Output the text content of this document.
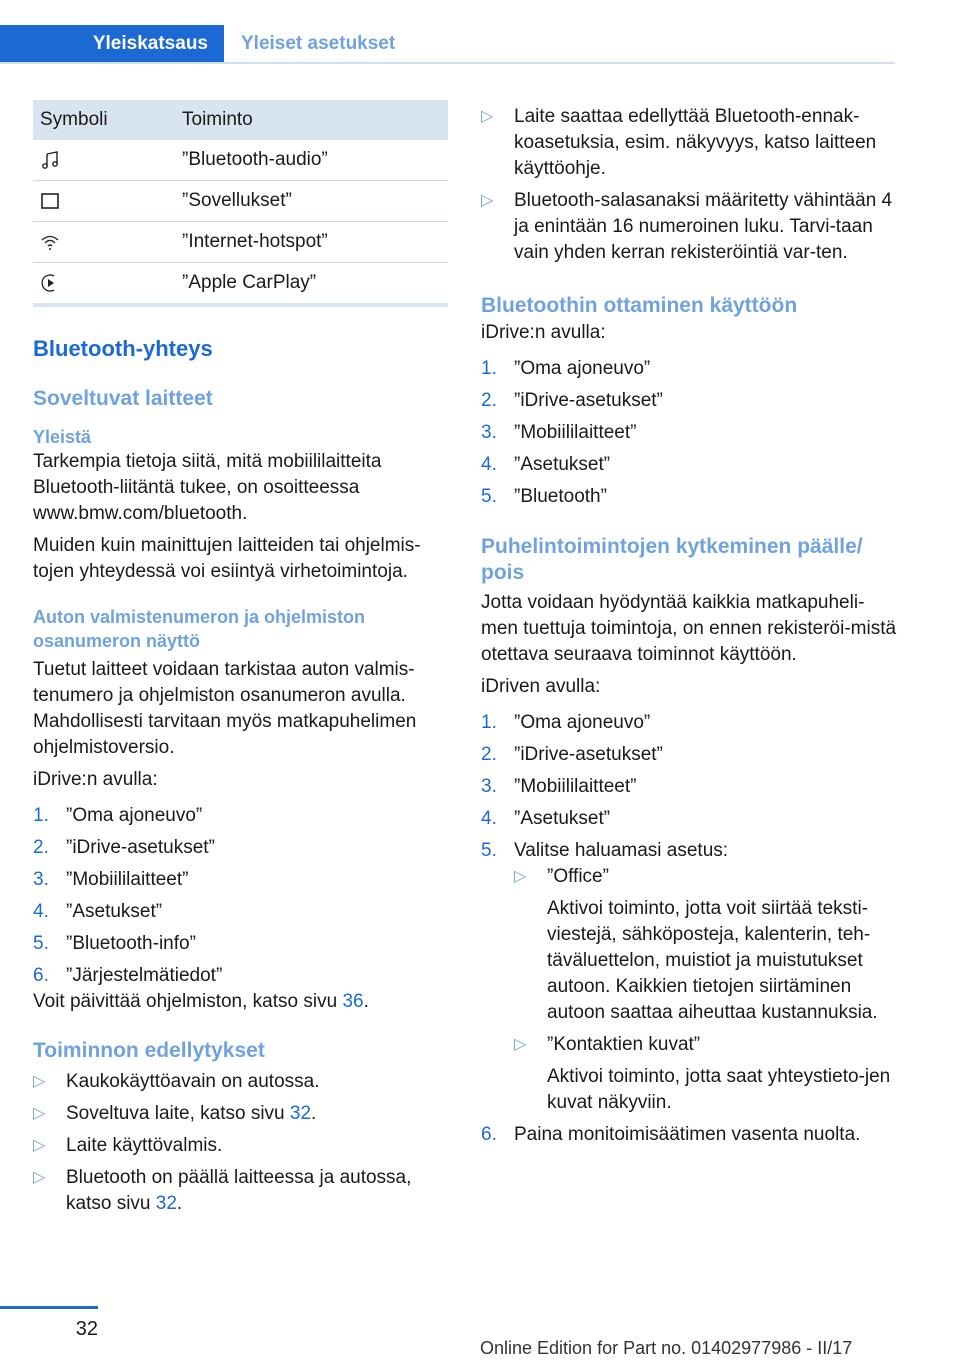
Yleiskatsaus	Yleiset asetukset
Symboli	Toiminto
	”Bluetooth-audio”
	”Sovellukset”
	”Internet-hotspot”
	”Apple CarPlay”
Bluetooth-yhteys
Soveltuvat laitteet
Yleistä

Tarkempia tietoja siitä, mitä mobiililaitteita Bluetooth-liitäntä tukee, on osoitteessa www.bmw.com/bluetooth.

Muiden kuin mainittujen laitteiden tai ohjelmis-tojen yhteydessä voi esiintyä virhetoimintoja.

Auton valmistenumeron ja ohjelmiston osanumeron näyttö

Tuetut laitteet voidaan tarkistaa auton valmis-tenumero ja ohjelmiston osanumeron avulla. Mahdollisesti tarvitaan myös matkapuhelimen ohjelmistoversio.

iDrive:n avulla:

1. ”Oma ajoneuvo”
2. ”iDrive-asetukset”
3. ”Mobiililaitteet”
4. ”Asetukset”
5. ”Bluetooth-info”
6. ”Järjestelmätiedot”

Voit päivittää ohjelmiston, katso sivu 36.

Toiminnon edellytykset
▷ Kaukokäyttöavain on autossa.
▷ Soveltuva laite, katso sivu 32.
▷ Laite käyttövalmis.
▷ Bluetooth on päällä laitteessa ja autossa, katso sivu 32.
▷ Laite saattaa edellyttää Bluetooth-ennak-koasetuksia, esim. näkyvyys, katso laitteen käyttöohje.
▷ Bluetooth-salasanaksi määritetty vähintään 4 ja enintään 16 numeroinen luku. Tarvi-taan vain yhden kerran rekisteröintiä var-ten.
Bluetoothin ottaminen käyttöön

iDrive:n avulla:

1. ”Oma ajoneuvo”
2. ”iDrive-asetukset”
3. ”Mobiililaitteet”
4. ”Asetukset”
5. ”Bluetooth”
Puhelintoimintojen kytkeminen päälle/ pois

Jotta voidaan hyödyntää kaikkia matkapuheli-men tuettuja toimintoja, on ennen rekisteröi-mistä otettava seuraava toiminnot käyttöön.

iDriven avulla:

1. ”Oma ajoneuvo”
2. ”iDrive-asetukset”
3. ”Mobiililaitteet”
4. ”Asetukset”
5. Valitse haluamasi asetus:
▷ ”Office”
Aktivoi toiminto, jotta voit siirtää teksti-viestejä, sähköposteja, kalenterin, teh-täväluettelon, muistiot ja muistutukset autoon. Kaikkien tietojen siirtäminen autoon saattaa aiheuttaa kustannuksia.
▷ ”Kontaktien kuvat”
Aktivoi toiminto, jotta saat yhteystieto-jen kuvat näkyviin.
6. Paina monitoimisäätimen vasenta nuolta.
32
Online Edition for Part no. 01402977986 - II/17
